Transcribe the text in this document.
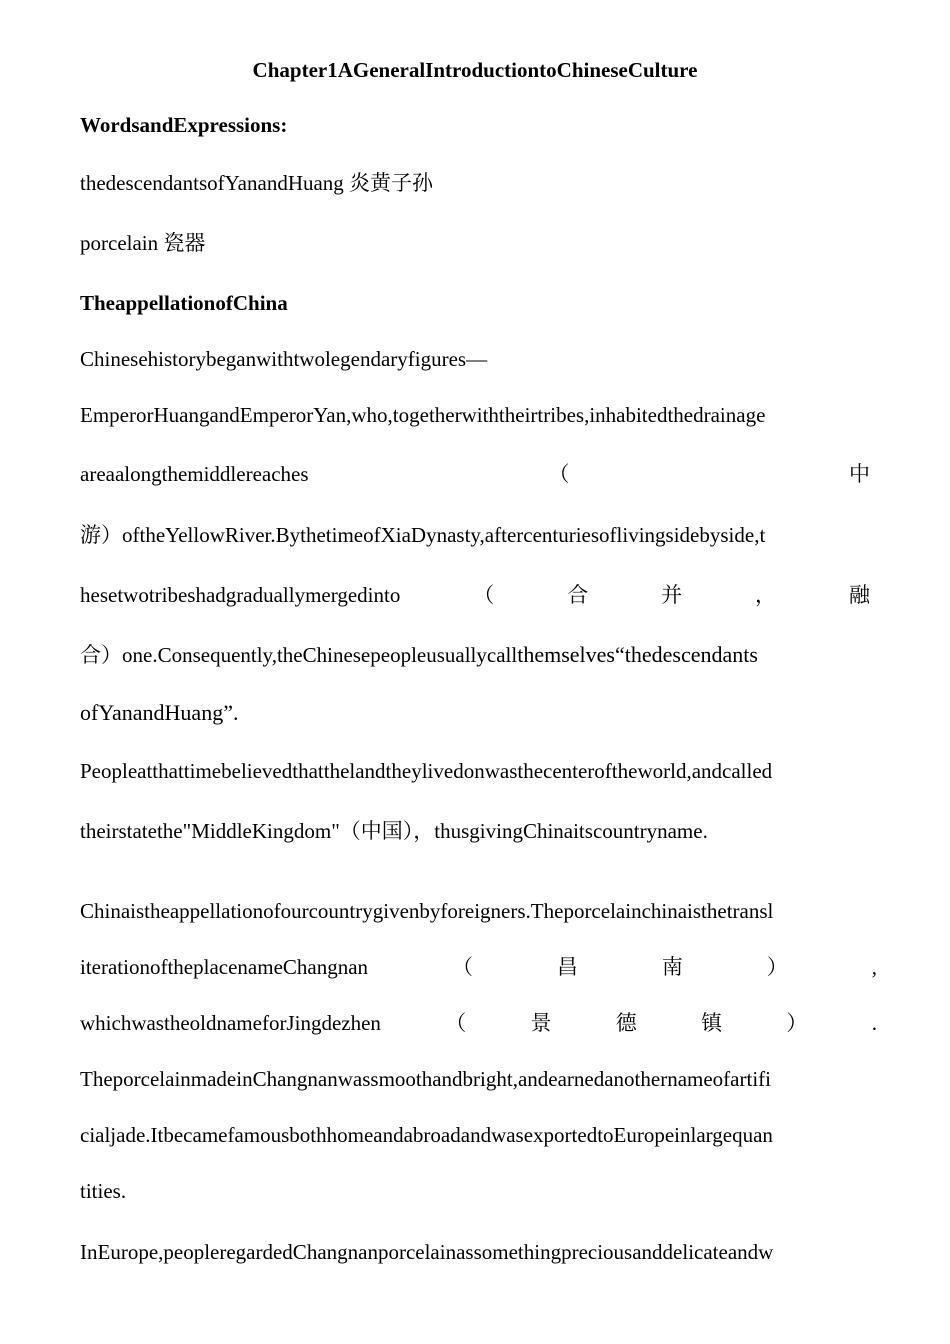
Chapter1AGeneralIntroductiontoChineseCulture
WordsandExpressions:
thedescendantsofYanandHuang 炎黄子孙
porcelain 瓷器
TheappellationofChina
Chinesehistorybeganwithtwolegendaryfigures—
EmperorHuangandEmperorYan,who,togetherwiththeirtribes,inhabitedthedrainage
areaalongthemiddlereaches	（	中
游）oftheYellowRiver.BythetimeofXiaDynasty,aftercenturiesoflivingsidebyside,t
hesetwotribeshadgraduallymergedinto	（	合	并	，	融
合）one.Consequently,theChinesepeopleusuallycallthemselves“thedescendants
ofYanandHuang”.
Peopleatthattimebelievedthatthelandtheylivedonwasthecenteroftheworld,andcalled
theirstatethe"MiddleKingdom"（中国），thusgivingChinaitscountryname.
Chinaistheappellationofourcountrygivenbyforeigners.Theporcelainchinaisthetransl
iterationoftheplacenameChangnan	（	昌	南	）	,
whichwastheoldnameforJingdezhen	（	景	德	镇	）	.
TheporcelainmadeinChangnanwassmoothandbright,andearnedanothernameofartifi
cialjade.ItbecamefamousbothhomeandabroadandwasexportedtoEuropeinlargequan
tities.
InEurope,peopleregardedChangnanporcelainassomethingpreciousanddelicateandw
